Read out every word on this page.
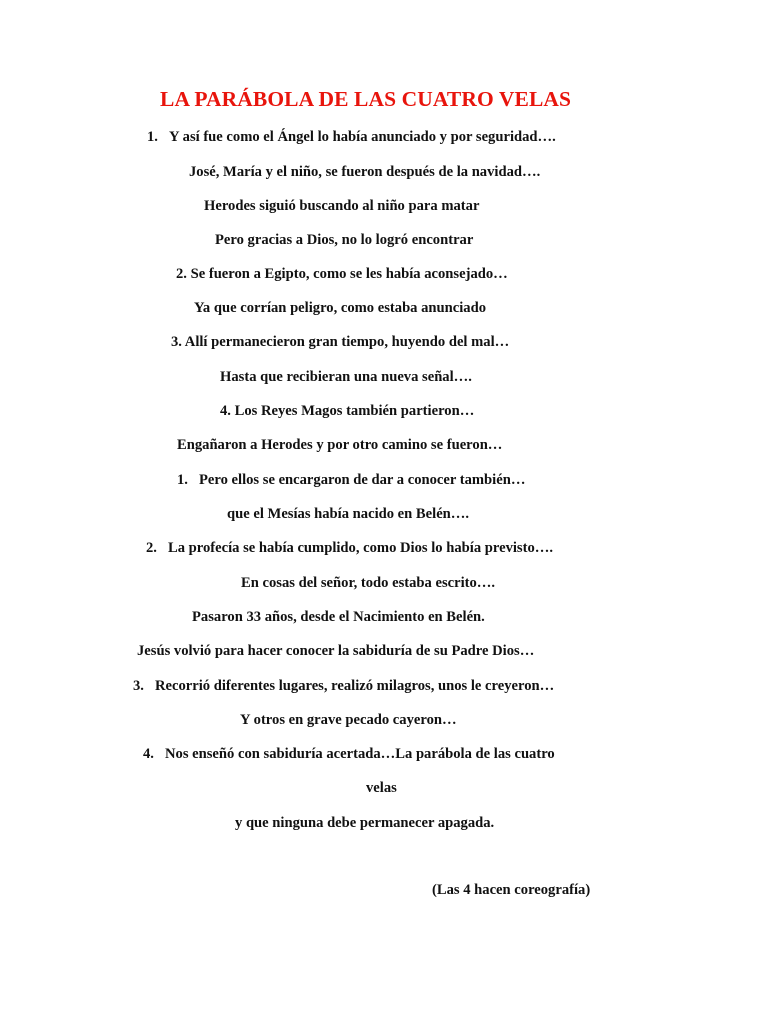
LA PARÁBOLA DE LAS CUATRO VELAS
1. Y así fue como el Ángel lo había anunciado y por seguridad….
José, María y el niño, se fueron después de la navidad….
Herodes siguió buscando al niño para matar
Pero gracias a Dios, no lo logró encontrar
2. Se fueron a Egipto, como se les había aconsejado…
Ya que corrían peligro, como estaba anunciado
3. Allí permanecieron gran tiempo, huyendo del mal…
Hasta que recibieran una nueva señal….
4. Los Reyes Magos también partieron…
Engañaron a Herodes y por otro camino se fueron…
1. Pero ellos se encargaron de dar a conocer también…
que el Mesías había nacido en Belén….
2. La profecía se había cumplido, como Dios lo había previsto….
En cosas del señor, todo estaba escrito….
Pasaron 33 años, desde el Nacimiento en Belén.
Jesús volvió para hacer conocer la sabiduría de su Padre Dios…
3. Recorrió diferentes lugares, realizó milagros, unos le creyeron…
Y otros en grave pecado cayeron…
4. Nos enseñó con sabiduría acertada…La parábola de las cuatro
velas
y que ninguna debe permanecer apagada.
(Las 4 hacen coreografía)
